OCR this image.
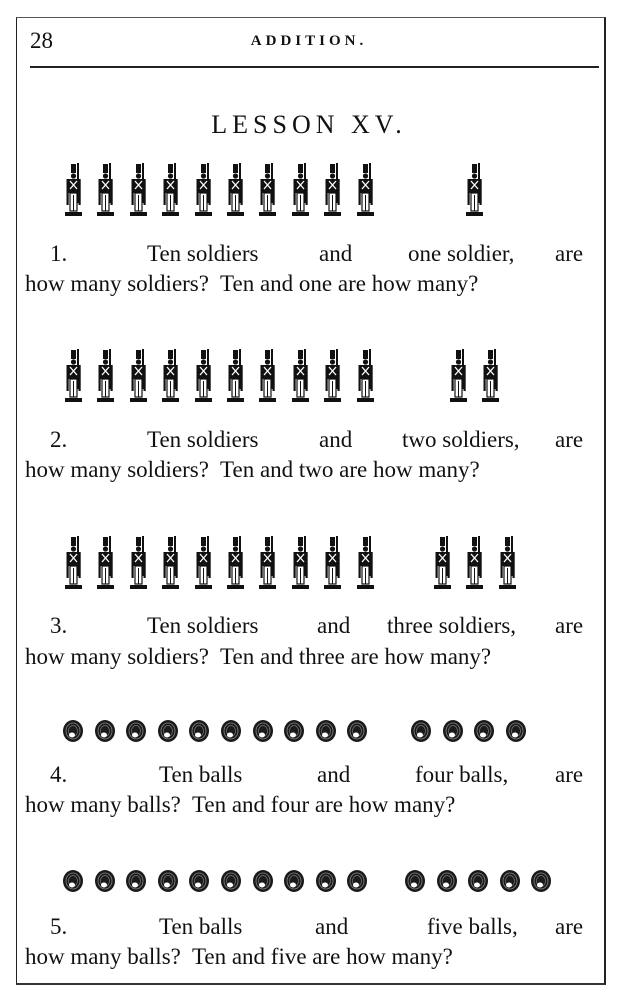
28	ADDITION.
LESSON XV.
1.	Ten soldiers	and one soldier, are
how many soldiers?  Ten and one are how many?
2.	Ten soldiers	and two soldiers, are
how many soldiers?  Ten and two are how many?
3.	Ten soldiers	and three soldiers, are
how many soldiers?  Ten and three are how many?
4.	Ten balls	and	four balls, are
how many balls?  Ten and four are how many?
5.	Ten balls	and	five balls, are
how many balls?  Ten and five are how many?
